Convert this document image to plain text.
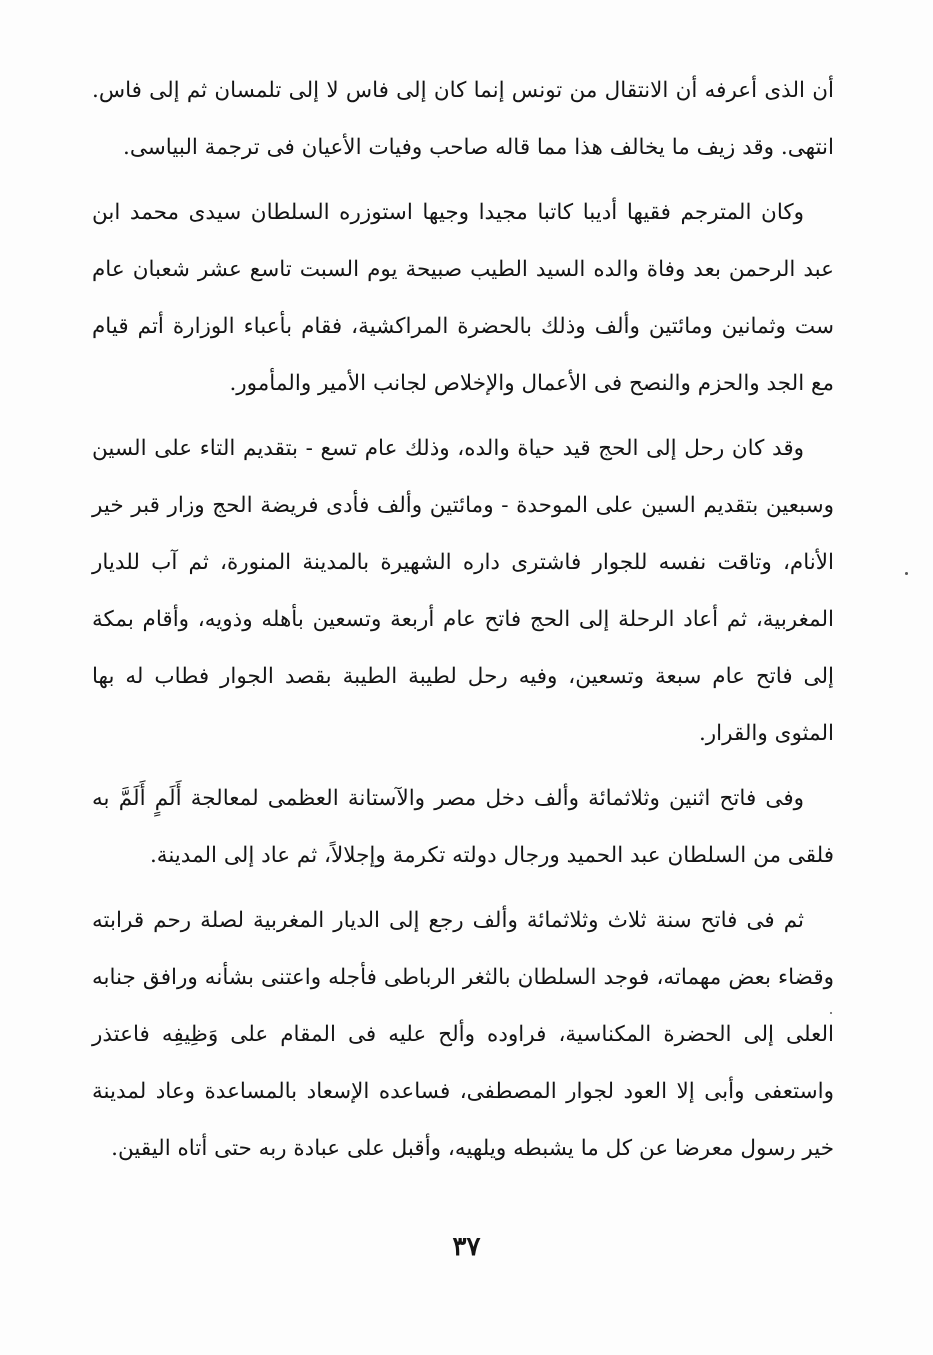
أن الذى أعرفه أن الانتقال من تونس إنما كان إلى فاس لا إلى تلمسان ثم إلى فاس. انتهى. وقد زيف ما يخالف هذا مما قاله صاحب وفيات الأعيان فى ترجمة البياسى.

وكان المترجم فقيها أديبا كاتبا مجيدا وجيها استوزره السلطان سيدى محمد ابن عبد الرحمن بعد وفاة والده السيد الطيب صبيحة يوم السبت تاسع عشر شعبان عام ست وثمانين ومائتين وألف وذلك بالحضرة المراكشية، فقام بأعباء الوزارة أتم قيام مع الجد والحزم والنصح فى الأعمال والإخلاص لجانب الأمير والمأمور.

وقد كان رحل إلى الحج قيد حياة والده، وذلك عام تسع - بتقديم التاء على السين وسبعين بتقديم السين على الموحدة - ومائتين وألف فأدى فريضة الحج وزار قبر خير الأنام، وتاقت نفسه للجوار فاشترى داره الشهيرة بالمدينة المنورة، ثم آب للديار المغربية، ثم أعاد الرحلة إلى الحج فاتح عام أربعة وتسعين بأهله وذويه، وأقام بمكة إلى فاتح عام سبعة وتسعين، وفيه رحل لطيبة الطيبة بقصد الجوار فطاب له بها المثوى والقرار.

وفى فاتح اثنين وثلاثمائة وألف دخل مصر والآستانة العظمى لمعالجة أَلَمٍ أَلَمَّ به فلقى من السلطان عبد الحميد ورجال دولته تكرمة وإجلالاً، ثم عاد إلى المدينة.

ثم فى فاتح سنة ثلاث وثلاثمائة وألف رجع إلى الديار المغربية لصلة رحم قرابته وقضاء بعض مهماته، فوجد السلطان بالثغر الرباطى فأجله واعتنى بشأنه ورافق جنابه العلى إلى الحضرة المكناسية، فراوده وألح عليه فى المقام على وَظِيفِه فاعتذر واستعفى وأبى إلا العود لجوار المصطفى، فساعده الإسعاد بالمساعدة وعاد لمدينة خير رسول معرضا عن كل ما يشبطه ويلهيه، وأقبل على عبادة ربه حتى أتاه اليقين.

٣٧
